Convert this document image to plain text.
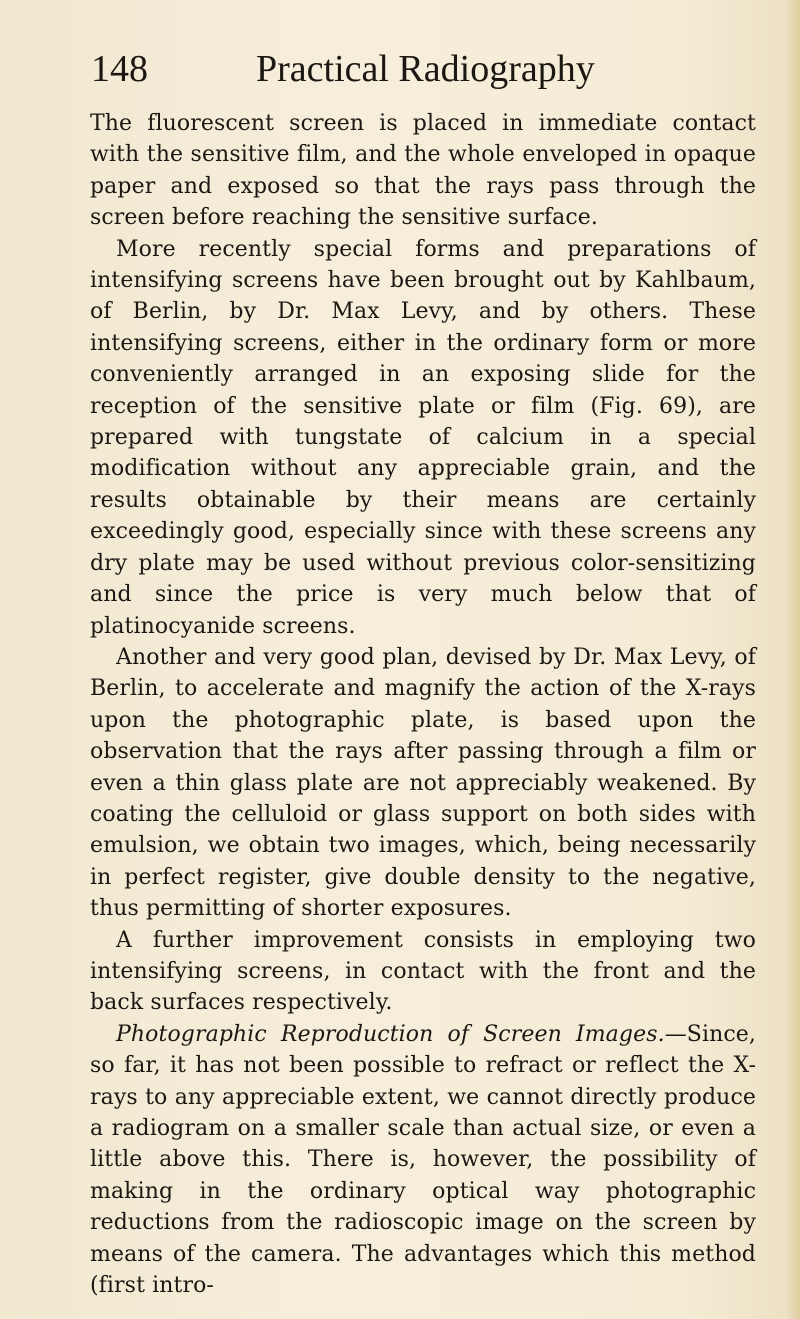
148	Practical Radiography

The fluorescent screen is placed in immediate contact with the sensitive film, and the whole enveloped in opaque paper and exposed so that the rays pass through the screen before reaching the sensitive surface.

More recently special forms and preparations of intensifying screens have been brought out by Kahlbaum, of Berlin, by Dr. Max Levy, and by others. These intensifying screens, either in the ordinary form or more conveniently arranged in an exposing slide for the reception of the sensitive plate or film (Fig. 69), are prepared with tungstate of calcium in a special modification without any appreciable grain, and the results obtainable by their means are certainly exceedingly good, especially since with these screens any dry plate may be used without previous color-sensitizing and since the price is very much below that of platinocyanide screens.

Another and very good plan, devised by Dr. Max Levy, of Berlin, to accelerate and magnify the action of the X-rays upon the photographic plate, is based upon the observation that the rays after passing through a film or even a thin glass plate are not appreciably weakened. By coating the celluloid or glass support on both sides with emulsion, we obtain two images, which, being necessarily in perfect register, give double density to the negative, thus permitting of shorter exposures.

A further improvement consists in employing two intensifying screens, in contact with the front and the back surfaces respectively.

Photographic Reproduction of Screen Images.—Since, so far, it has not been possible to refract or reflect the X-rays to any appreciable extent, we cannot directly produce a radiogram on a smaller scale than actual size, or even a little above this. There is, however, the possibility of making in the ordinary optical way photographic reductions from the radioscopic image on the screen by means of the camera. The advantages which this method (first intro-
